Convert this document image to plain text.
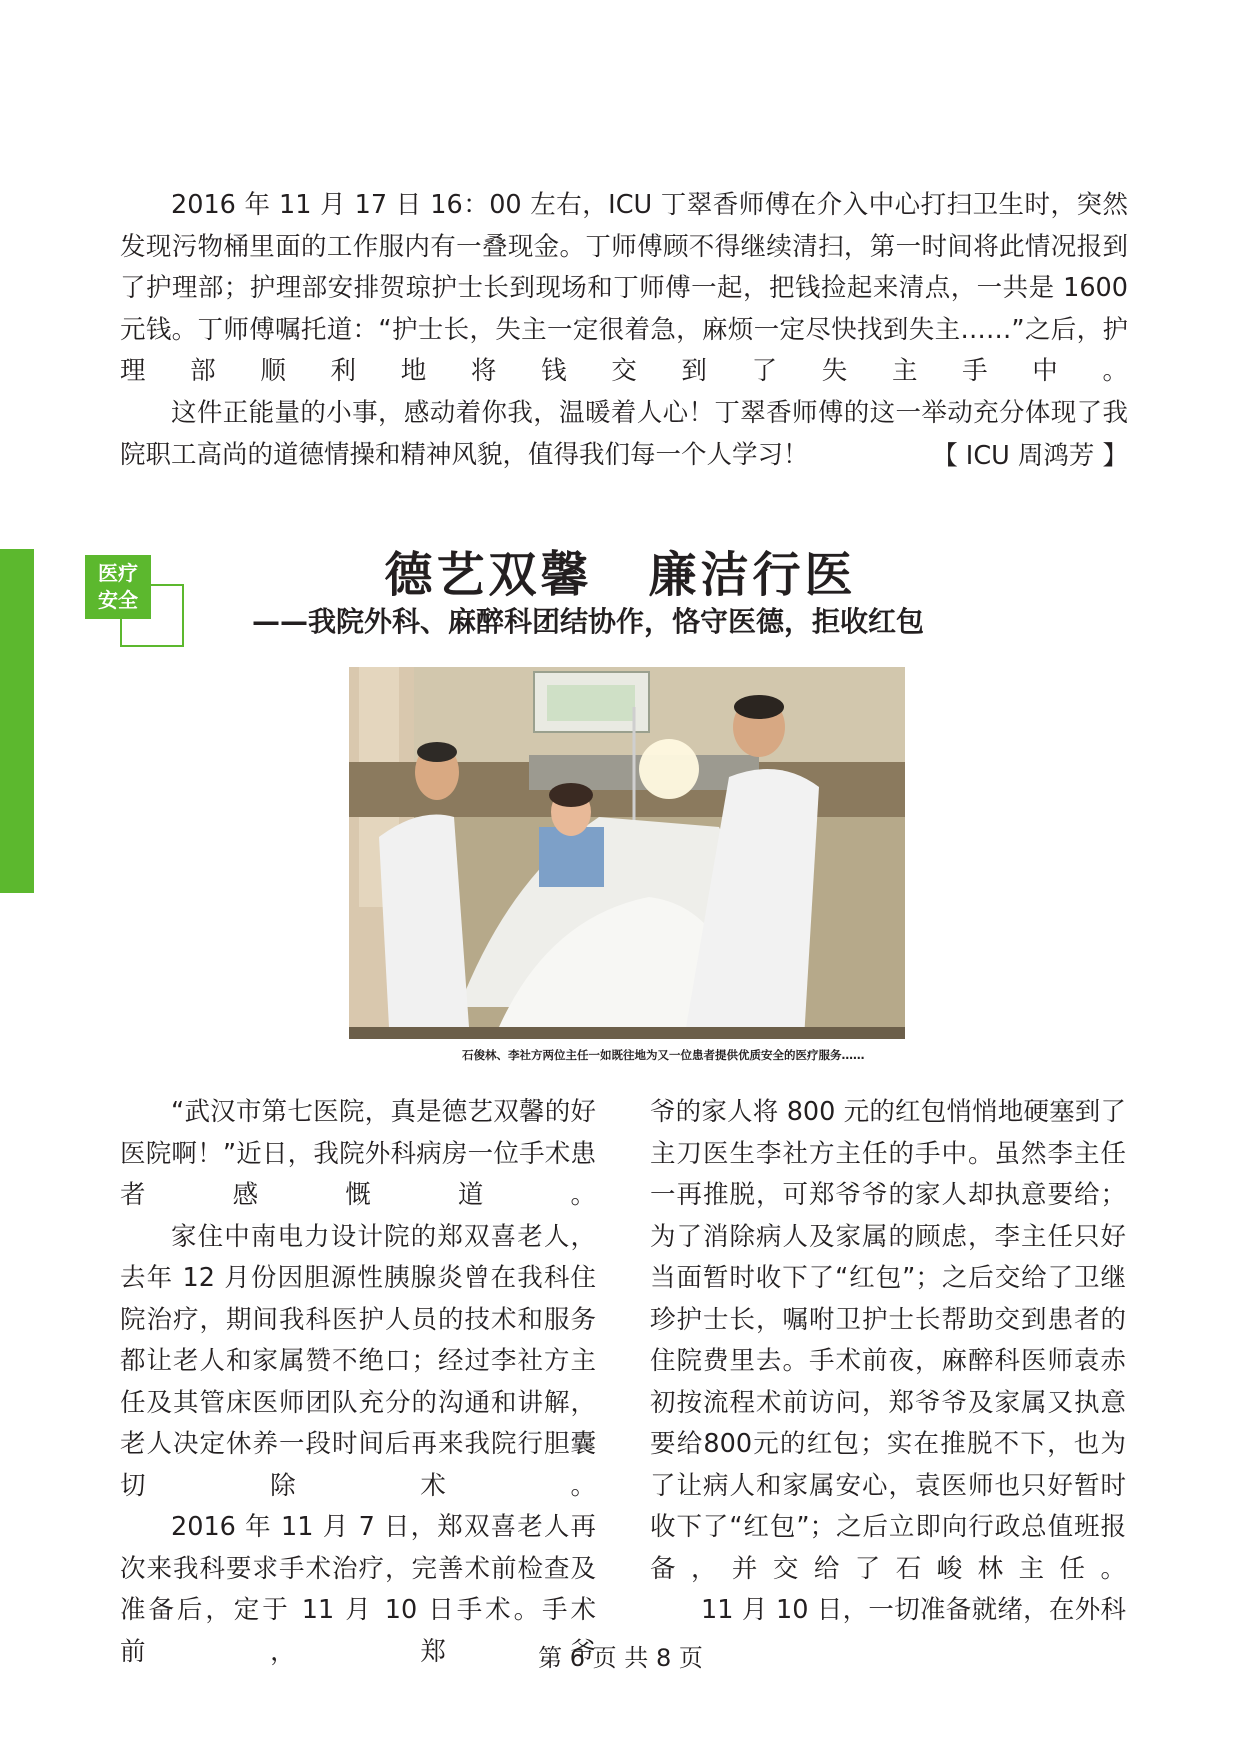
2016 年 11 月 17 日 16：00 左右，ICU 丁翠香师傅在介入中心打扫卫生时，突然发现污物桶里面的工作服内有一叠现金。丁师傅顾不得继续清扫，第一时间将此情况报到了护理部；护理部安排贺琼护士长到现场和丁师傅一起，把钱捡起来清点，一共是 1600 元钱。丁师傅嘱托道：“护士长，失主一定很着急，麻烦一定尽快找到失主……”之后，护理部顺利地将钱交到了失主手中。

这件正能量的小事，感动着你我，温暖着人心！丁翠香师傅的这一举动充分体现了我院职工高尚的道德情操和精神风貌，值得我们每一个人学习！	【 ICU 周鸿芳 】
医疗
安全	德艺双馨 廉洁行医
——我院外科、麻醉科团结协作，恪守医德，拒收红包
石俊林、李社方两位主任一如既往地为又一位患者提供优质安全的医疗服务……

“武汉市第七医院，真是德艺双馨的好医院啊！”近日，我院外科病房一位手术患者感慨道。

家住中南电力设计院的郑双喜老人，去年 12 月份因胆源性胰腺炎曾在我科住院治疗，期间我科医护人员的技术和服务都让老人和家属赞不绝口；经过李社方主任及其管床医师团队充分的沟通和讲解，老人决定休养一段时间后再来我院行胆囊切除术。

2016 年 11 月 7 日，郑双喜老人再次来我科要求手术治疗，完善术前检查及准备后，定于 11 月 10 日手术。手术前，郑爷

爷的家人将 800 元的红包悄悄地硬塞到了主刀医生李社方主任的手中。虽然李主任一再推脱，可郑爷爷的家人却执意要给；为了消除病人及家属的顾虑，李主任只好当面暂时收下了“红包”；之后交给了卫继珍护士长，嘱咐卫护士长帮助交到患者的住院费里去。手术前夜，麻醉科医师袁赤初按流程术前访问，郑爷爷及家属又执意要给800元的红包；实在推脱不下，也为了让病人和家属安心，袁医师也只好暂时收下了“红包”；之后立即向行政总值班报备，并交给了石峻林主任。

11 月 10 日，一切准备就绪，在外科

第 6 页 共 8 页
